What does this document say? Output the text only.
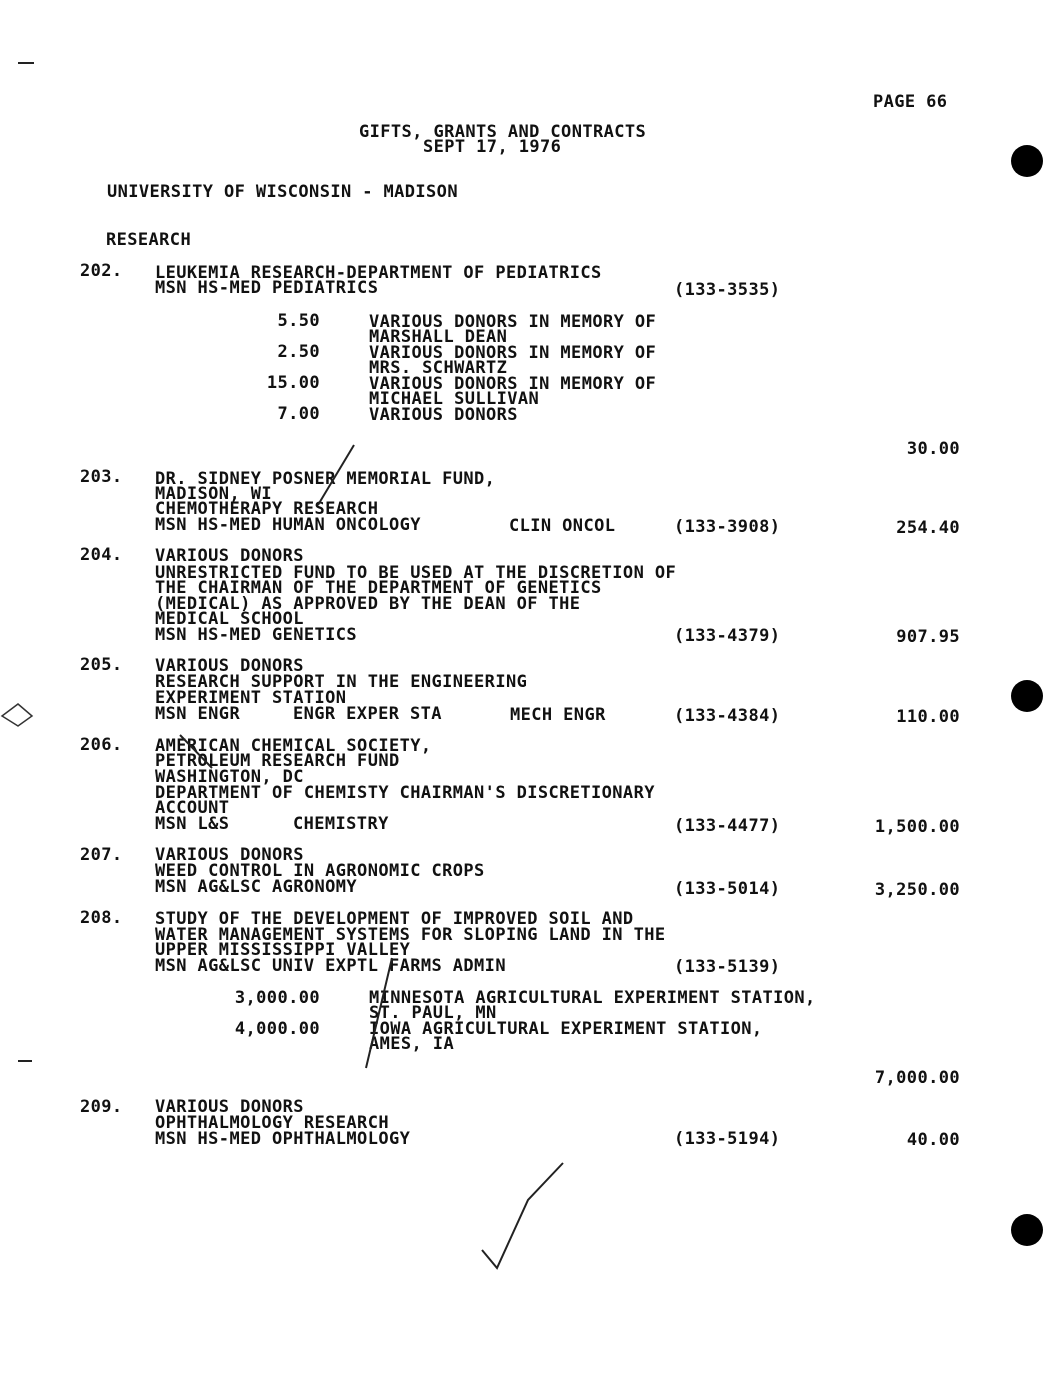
PAGE 66
GIFTS, GRANTS AND CONTRACTS
SEPT 17, 1976
UNIVERSITY OF WISCONSIN - MADISON
RESEARCH
202. LEUKEMIA RESEARCH-DEPARTMENT OF PEDIATRICS
MSN HS-MED PEDIATRICS	(133-3535)
5.50	VARIOUS DONORS IN MEMORY OF
MARSHALL DEAN
2.50	VARIOUS DONORS IN MEMORY OF
MRS. SCHWARTZ
15.00	VARIOUS DONORS IN MEMORY OF
MICHAEL SULLIVAN
7.00	VARIOUS DONORS
30.00
203. DR. SIDNEY POSNER MEMORIAL FUND,
MADISON, WI
CHEMOTHERAPY RESEARCH
MSN HS-MED HUMAN ONCOLOGY	CLIN ONCOL	(133-3908)	254.40
204. VARIOUS DONORS
UNRESTRICTED FUND TO BE USED AT THE DISCRETION OF
THE CHAIRMAN OF THE DEPARTMENT OF GENETICS
(MEDICAL) AS APPROVED BY THE DEAN OF THE
MEDICAL SCHOOL
MSN HS-MED GENETICS	(133-4379)	907.95
205. VARIOUS DONORS
RESEARCH SUPPORT IN THE ENGINEERING
EXPERIMENT STATION
MSN ENGR	ENGR EXPER STA	MECH ENGR	(133-4384)	110.00
206. AMERICAN CHEMICAL SOCIETY,
PETROLEUM RESEARCH FUND
WASHINGTON, DC
DEPARTMENT OF CHEMISTY CHAIRMAN'S DISCRETIONARY
ACCOUNT
MSN L&S	CHEMISTRY	(133-4477)	1,500.00
207. VARIOUS DONORS
WEED CONTROL IN AGRONOMIC CROPS
MSN AG&LSC AGRONOMY	(133-5014)	3,250.00
208. STUDY OF THE DEVELOPMENT OF IMPROVED SOIL AND
WATER MANAGEMENT SYSTEMS FOR SLOPING LAND IN THE
UPPER MISSISSIPPI VALLEY
MSN AG&LSC UNIV EXPTL FARMS ADMIN	(133-5139)
3,000.00	MINNESOTA AGRICULTURAL EXPERIMENT STATION,
ST. PAUL, MN
4,000.00	IOWA AGRICULTURAL EXPERIMENT STATION,
AMES, IA
7,000.00
209. VARIOUS DONORS
OPHTHALMOLOGY RESEARCH
MSN HS-MED OPHTHALMOLOGY	(133-5194)	40.00
